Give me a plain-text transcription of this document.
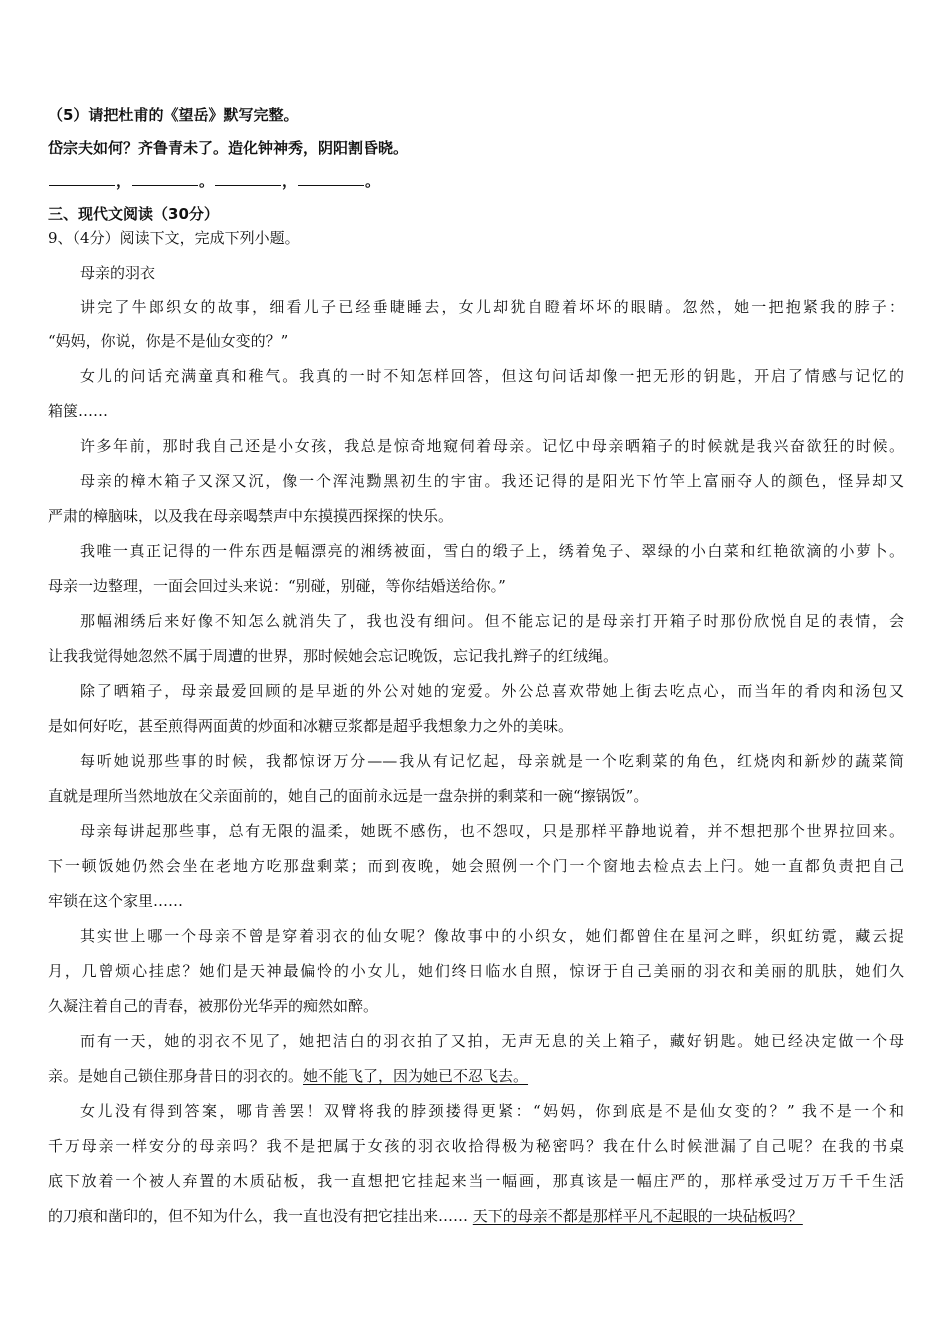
（5）请把杜甫的《望岳》默写完整。
岱宗夫如何？齐鲁青未了。造化钟神秀，阴阳割昏晓。
，	。	，	。
三、现代文阅读（30分）
9、（4分）阅读下文，完成下列小题。
母亲的羽衣
讲完了牛郎织女的故事，细看儿子已经垂睫睡去，女儿却犹自瞪着坏坏的眼睛。忽然，她一把抱紧我的脖子：
“妈妈，你说，你是不是仙女变的？”
女儿的问话充满童真和稚气。我真的一时不知怎样回答，但这句问话却像一把无形的钥匙，开启了情感与记忆的
箱箧……
许多年前，那时我自己还是小女孩，我总是惊奇地窥伺着母亲。记忆中母亲晒箱子的时候就是我兴奋欲狂的时候。
母亲的樟木箱子又深又沉，像一个浑沌黝黑初生的宇宙。我还记得的是阳光下竹竿上富丽夺人的颜色，怪异却又
严肃的樟脑味，以及我在母亲喝禁声中东摸摸西探探的快乐。
我唯一真正记得的一件东西是幅漂亮的湘绣被面，雪白的缎子上，绣着兔子、翠绿的小白菜和红艳欲滴的小萝卜。
母亲一边整理，一面会回过头来说：“别碰，别碰，等你结婚送给你。”
那幅湘绣后来好像不知怎么就消失了，我也没有细问。但不能忘记的是母亲打开箱子时那份欣悦自足的表情，会
让我我觉得她忽然不属于周遭的世界，那时候她会忘记晚饭，忘记我扎辫子的红绒绳。
除了晒箱子，母亲最爱回顾的是早逝的外公对她的宠爱。外公总喜欢带她上街去吃点心，而当年的肴肉和汤包又
是如何好吃，甚至煎得两面黄的炒面和冰糖豆浆都是超乎我想象力之外的美味。
每听她说那些事的时候，我都惊讶万分——我从有记忆起，母亲就是一个吃剩菜的角色，红烧肉和新炒的蔬菜简
直就是理所当然地放在父亲面前的，她自己的面前永远是一盘杂拼的剩菜和一碗“擦锅饭”。
母亲每讲起那些事，总有无限的温柔，她既不感伤，也不怨叹，只是那样平静地说着，并不想把那个世界拉回来。
下一顿饭她仍然会坐在老地方吃那盘剩菜；而到夜晚，她会照例一个门一个窗地去检点去上闩。她一直都负责把自己
牢锁在这个家里……
其实世上哪一个母亲不曾是穿着羽衣的仙女呢？像故事中的小织女，她们都曾住在星河之畔，织虹纺霓，藏云捉
月，几曾烦心挂虑？她们是天神最偏怜的小女儿，她们终日临水自照，惊讶于自己美丽的羽衣和美丽的肌肤，她们久
久凝注着自己的青春，被那份光华弄的痴然如醉。
而有一天，她的羽衣不见了，她把洁白的羽衣拍了又拍，无声无息的关上箱子，藏好钥匙。她已经决定做一个母
亲。是她自己锁住那身昔日的羽衣的。她不能飞了，因为她已不忍飞去。
女儿没有得到答案，哪肯善罢！双臂将我的脖颈搂得更紧：“妈妈，你到底是不是仙女变的？” 我不是一个和
千万母亲一样安分的母亲吗？我不是把属于女孩的羽衣收拾得极为秘密吗？我在什么时候泄漏了自己呢？在我的书桌
底下放着一个被人弃置的木质砧板，我一直想把它挂起来当一幅画，那真该是一幅庄严的，那样承受过万万千千生活
的刀痕和凿印的，但不知为什么，我一直也没有把它挂出来…… 天下的母亲不都是那样平凡不起眼的一块砧板吗？
